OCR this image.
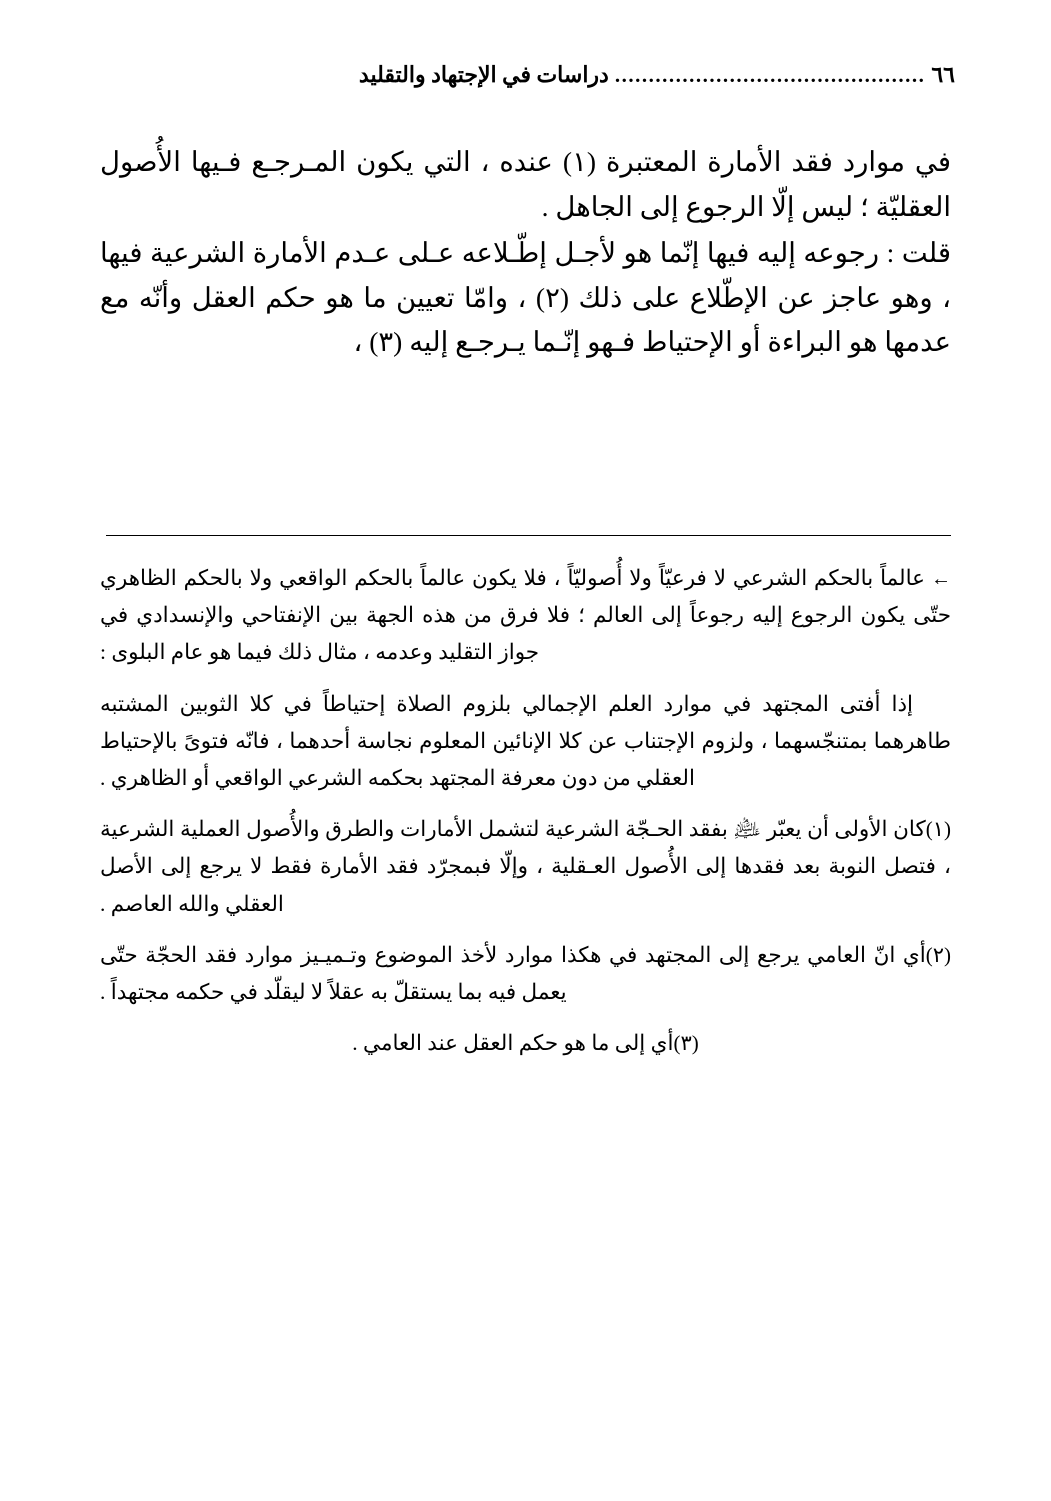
٦٦
..............................................
دراسات في الإجتهاد والتقليد

في موارد فقد الأمارة المعتبرة (١) عنده ، التي يكون المـرجـع فـيها الأُصول العقليّة ؛ ليس إلّا الرجوع إلى الجاهل .

قلت : رجوعه إليه فيها إنّما هو لأجـل إطّـلاعه عـلى عـدم الأمارة الشرعية فيها ، وهو عاجز عن الإطّلاع على ذلك (٢) ، وامّا تعيين ما هو حكم العقل وأنّه مع عدمها هو البراءة أو الإحتياط فـهو إنّـما يـرجـع إليه (٣) ،

←عالماً بالحكم الشرعي لا فرعيّاً ولا أُصوليّاً ، فلا يكون عالماً بالحكم الواقعي ولا بالحكم الظاهري حتّى يكون الرجوع إليه رجوعاً إلى العالم ؛ فلا فرق من هذه الجهة بين الإنفتاحي والإنسدادي في جواز التقليد وعدمه ، مثال ذلك فيما هو عام البلوى :

إذا أفتى المجتهد في موارد العلم الإجمالي بلزوم الصلاة إحتياطاً في كلا الثوبين المشتبه طاهرهما بمتنجّسهما ، ولزوم الإجتناب عن كلا الإنائين المعلوم نجاسة أحدهما ، فانّه فتوىً بالإحتياط العقلي من دون معرفة المجتهد بحكمه الشرعي الواقعي أو الظاهري .

(١)كان الأولى أن يعبّر ﵇ بفقد الحـجّة الشرعية لتشمل الأمارات والطرق والأُصول العملية الشرعية ، فتصل النوبة بعد فقدها إلى الأُصول العـقلية ، وإلّا فبمجرّد فقد الأمارة فقط لا يرجع إلى الأصل العقلي والله العاصم .

(٢)أي انّ العامي يرجع إلى المجتهد في هكذا موارد لأخذ الموضوع وتـميـيز موارد فقد الحجّة حتّى يعمل فيه بما يستقلّ به عقلاً لا ليقلّد في حكمه مجتهداً .

(٣)أي إلى ما هو حكم العقل عند العامي .
